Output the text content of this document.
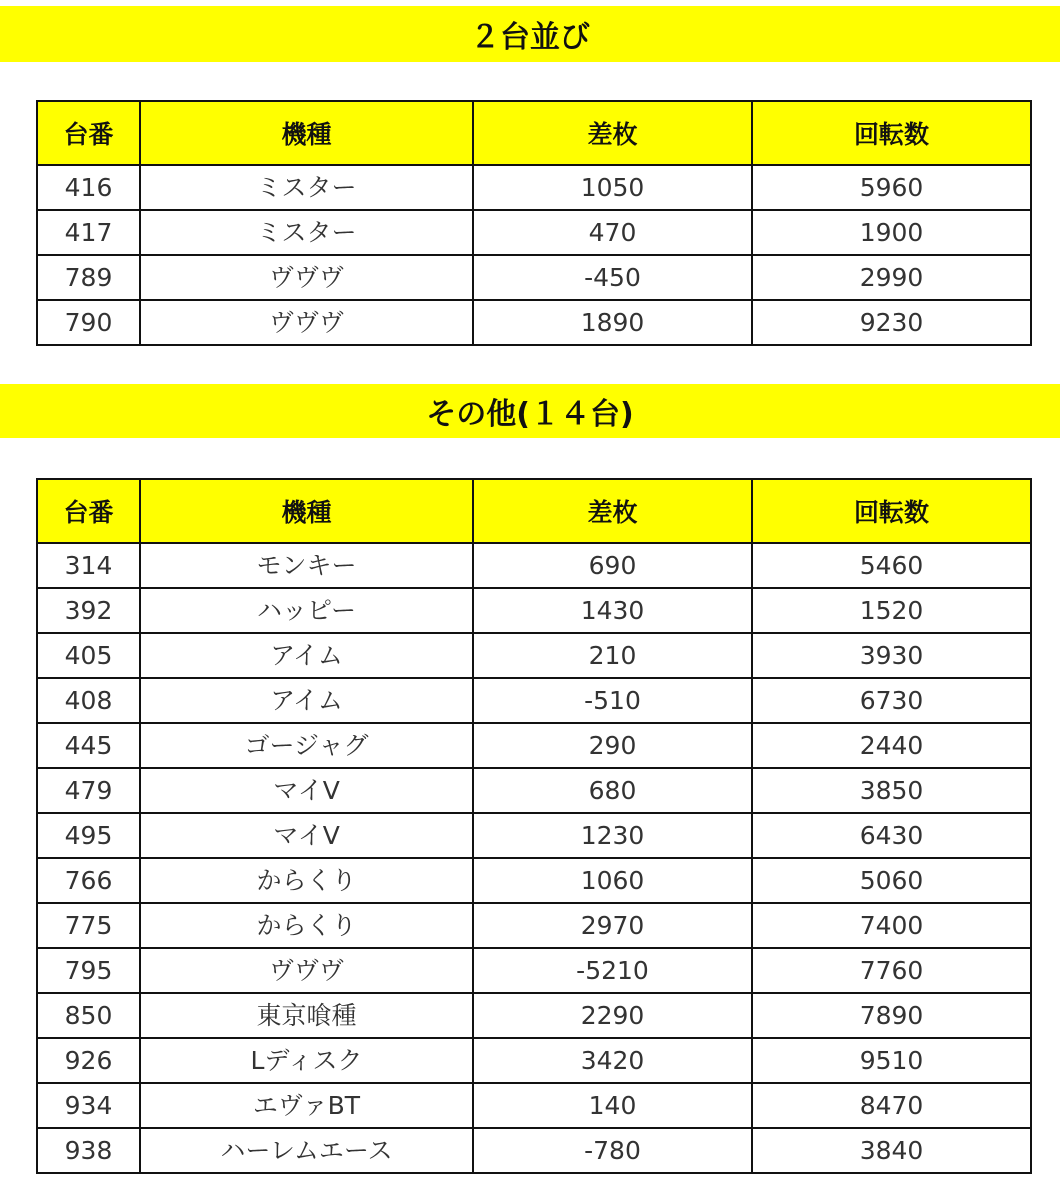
２台並び
台番	機種	差枚	回転数
416	ミスター	1050	5960
417	ミスター	470	1900
789	ヴヴヴ	-450	2990
790	ヴヴヴ	1890	9230
その他(１４台)
台番	機種	差枚	回転数
314	モンキー	690	5460
392	ハッピー	1430	1520
405	アイム	210	3930
408	アイム	-510	6730
445	ゴージャグ	290	2440
479	マイV	680	3850
495	マイV	1230	6430
766	からくり	1060	5060
775	からくり	2970	7400
795	ヴヴヴ	-5210	7760
850	東京喰種	2290	7890
926	Lディスク	3420	9510
934	エヴァBT	140	8470
938	ハーレムエース	-780	3840
